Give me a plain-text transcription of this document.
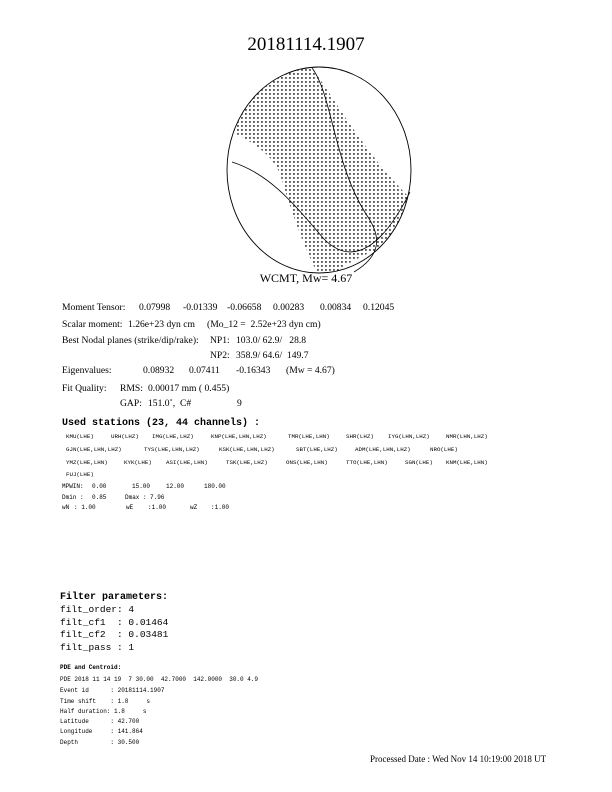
20181114.1907
WCMT, Mw= 4.67
Moment Tensor: 0.07998 -0.01339 -0.06658 0.00283 0.00834 0.12045
Scalar moment: 1.26e+23 dyn cm (Mo_12 =  2.52e+23 dyn cm)
Best Nodal planes (strike/dip/rake): NP1: 103.0/ 62.9/   28.8
NP2: 358.9/ 64.6/  149.7
Eigenvalues:	0.08932 0.07411 -0.16343 (Mw = 4.67)
Fit Quality: RMS: 0.00017 mm ( 0.455)
GAP: 151.0˚,  C#	9
Used stations (23, 44 channels) :
KMU(LHE)	URH(LHZ) IMG(LHE,LHZ)	KNP(LHE,LHN,LHZ)	TMR(LHE,LHN)	SHR(LHZ) IYG(LHN,LHZ)	NMR(LHN,LHZ)
GJN(LHE,LHN,LHZ)	TYS(LHE,LHN,LHZ)	KSK(LHE,LHN,LHZ)	SBT(LHE,LHZ)	ADM(LHE,LHN,LHZ)	NRO(LHE)
YMZ(LHE,LHN)	KYK(LHE) ASI(LHE,LHN)	TSK(LHE,LHZ)	ONS(LHE,LHN)	TTO(LHE,LHN)	SGN(LHE) KNM(LHE,LHN)
FUJ(LHE)
MPWIN: 0.00	15.00	12.00	180.00
Dmin : 0.85	Dmax : 7.96
wN : 1.00	wE :1.00	wZ :1.00
Filter parameters:
filt_order: 4
filt_cf1  : 0.01464
filt_cf2  : 0.03481
filt_pass : 1
PDE and Centroid:
PDE 2018 11 14 19  7 30.00  42.7000  142.0000  30.0 4.9
Event id      : 20181114.1907
Time shift    : 1.8     s
Half duration: 1.8     s
Latitude      : 42.700
Longitude     : 141.864
Depth         : 30.500
Processed Date : Wed Nov 14 10:19:00 2018 UT
